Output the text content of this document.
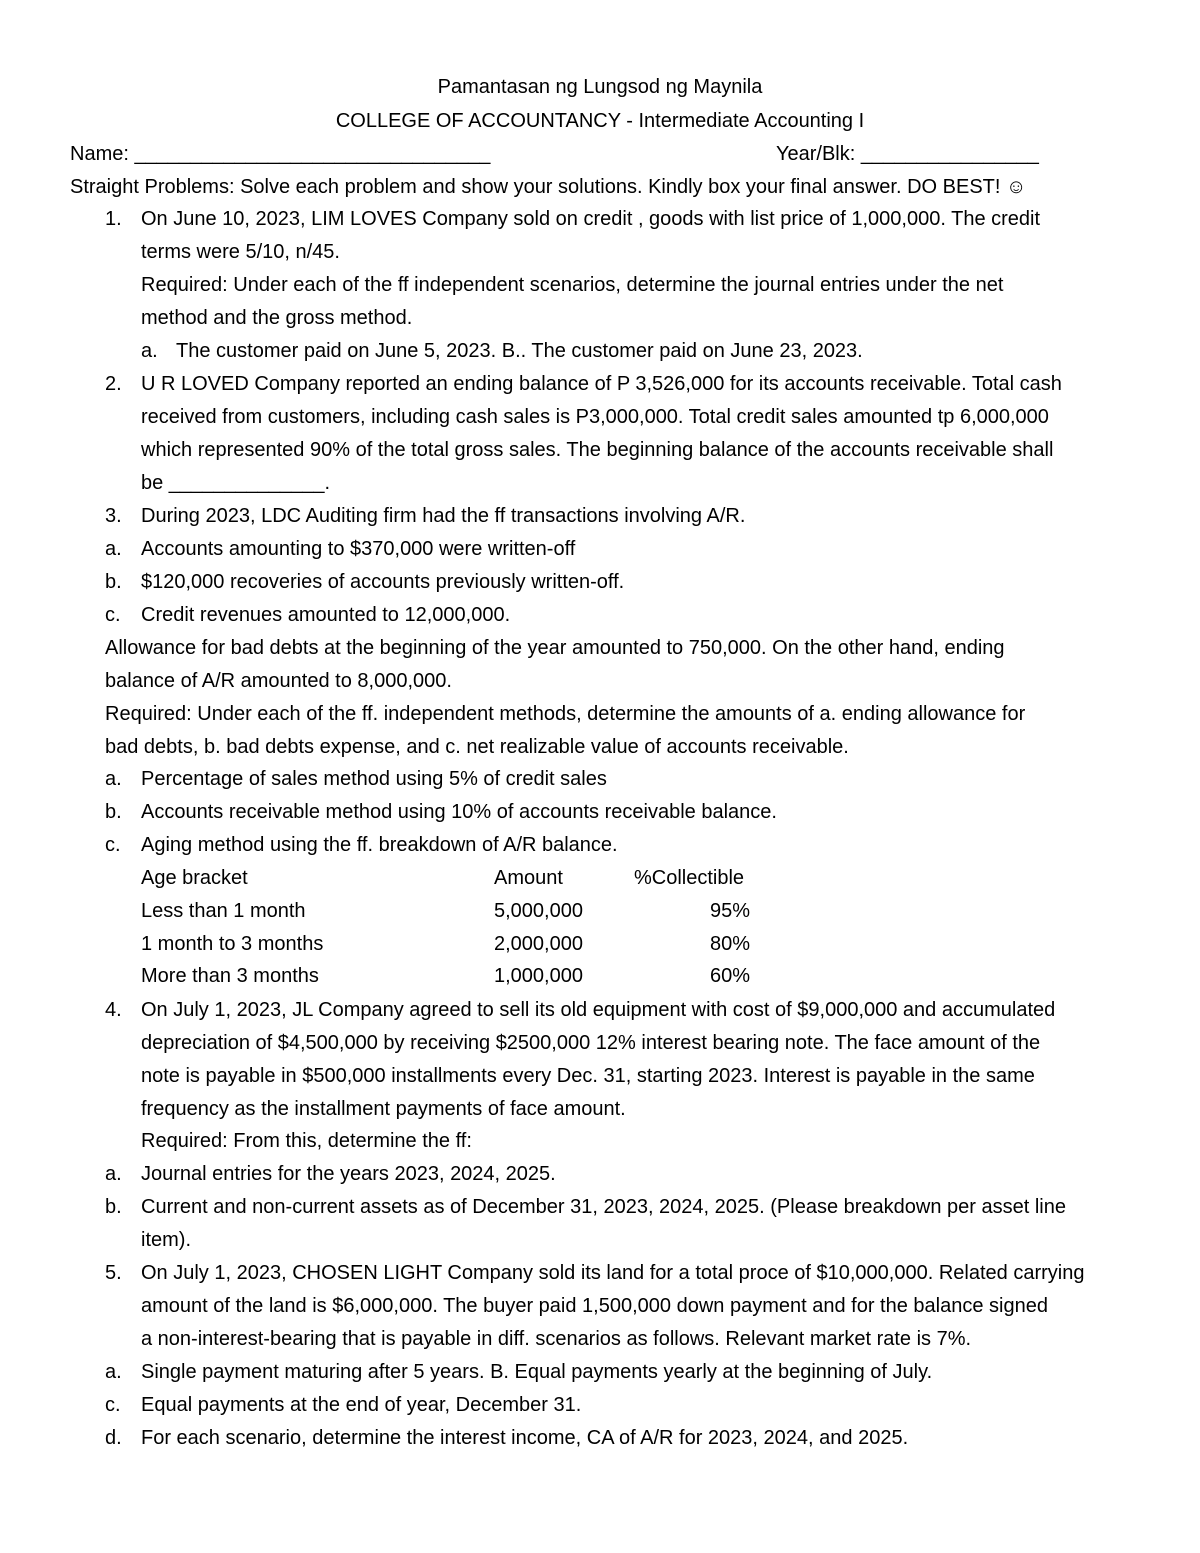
Pamantasan ng Lungsod ng Maynila
COLLEGE OF ACCOUNTANCY - Intermediate Accounting I
Name: ________________________________	Year/Blk: ________________
Straight Problems: Solve each problem and show your solutions. Kindly box your final answer. DO BEST! ☺
1. On June 10, 2023, LIM LOVES Company sold on credit , goods with list price of 1,000,000. The credit
terms were 5/10, n/45.
Required: Under each of the ff independent scenarios, determine the journal entries under the net
method and the gross method.
a. The customer paid on June 5, 2023. B.. The customer paid on June 23, 2023.
2. U R LOVED Company reported an ending balance of P 3,526,000 for its accounts receivable. Total cash
received from customers, including cash sales is P3,000,000. Total credit sales amounted tp 6,000,000
which represented 90% of the total gross sales. The beginning balance of the accounts receivable shall
be ______________.
3. During 2023, LDC Auditing firm had the ff transactions involving A/R.
a. Accounts amounting to $370,000 were written-off
b. $120,000 recoveries of accounts previously written-off.
c. Credit revenues amounted to 12,000,000.
Allowance for bad debts at the beginning of the year amounted to 750,000. On the other hand, ending
balance of A/R amounted to 8,000,000.
Required: Under each of the ff. independent methods, determine the amounts of a. ending allowance for
bad debts, b. bad debts expense, and c. net realizable value of accounts receivable.
a. Percentage of sales method using 5% of credit sales
b. Accounts receivable method using 10% of accounts receivable balance.
c. Aging method using the ff. breakdown of A/R balance.
Age bracket	Amount	%Collectible
Less than 1 month	5,000,000	95%
1 month to 3 months	2,000,000	80%
More than 3 months	1,000,000	60%
4. On July 1, 2023, JL Company agreed to sell its old equipment with cost of $9,000,000 and accumulated
depreciation of $4,500,000 by receiving $2500,000 12% interest bearing note. The face amount of the
note is payable in $500,000 installments every Dec. 31, starting 2023. Interest is payable in the same
frequency as the installment payments of face amount.
Required: From this, determine the ff:
a. Journal entries for the years 2023, 2024, 2025.
b. Current and non-current assets as of December 31, 2023, 2024, 2025. (Please breakdown per asset line
item).
5. On July 1, 2023, CHOSEN LIGHT Company sold its land for a total proce of $10,000,000. Related carrying
amount of the land is $6,000,000. The buyer paid 1,500,000 down payment and for the balance signed
a non-interest-bearing that is payable in diff. scenarios as follows. Relevant market rate is 7%.
a. Single payment maturing after 5 years. B. Equal payments yearly at the beginning of July.
c. Equal payments at the end of year, December 31.
d. For each scenario, determine the interest income, CA of A/R for 2023, 2024, and 2025.
